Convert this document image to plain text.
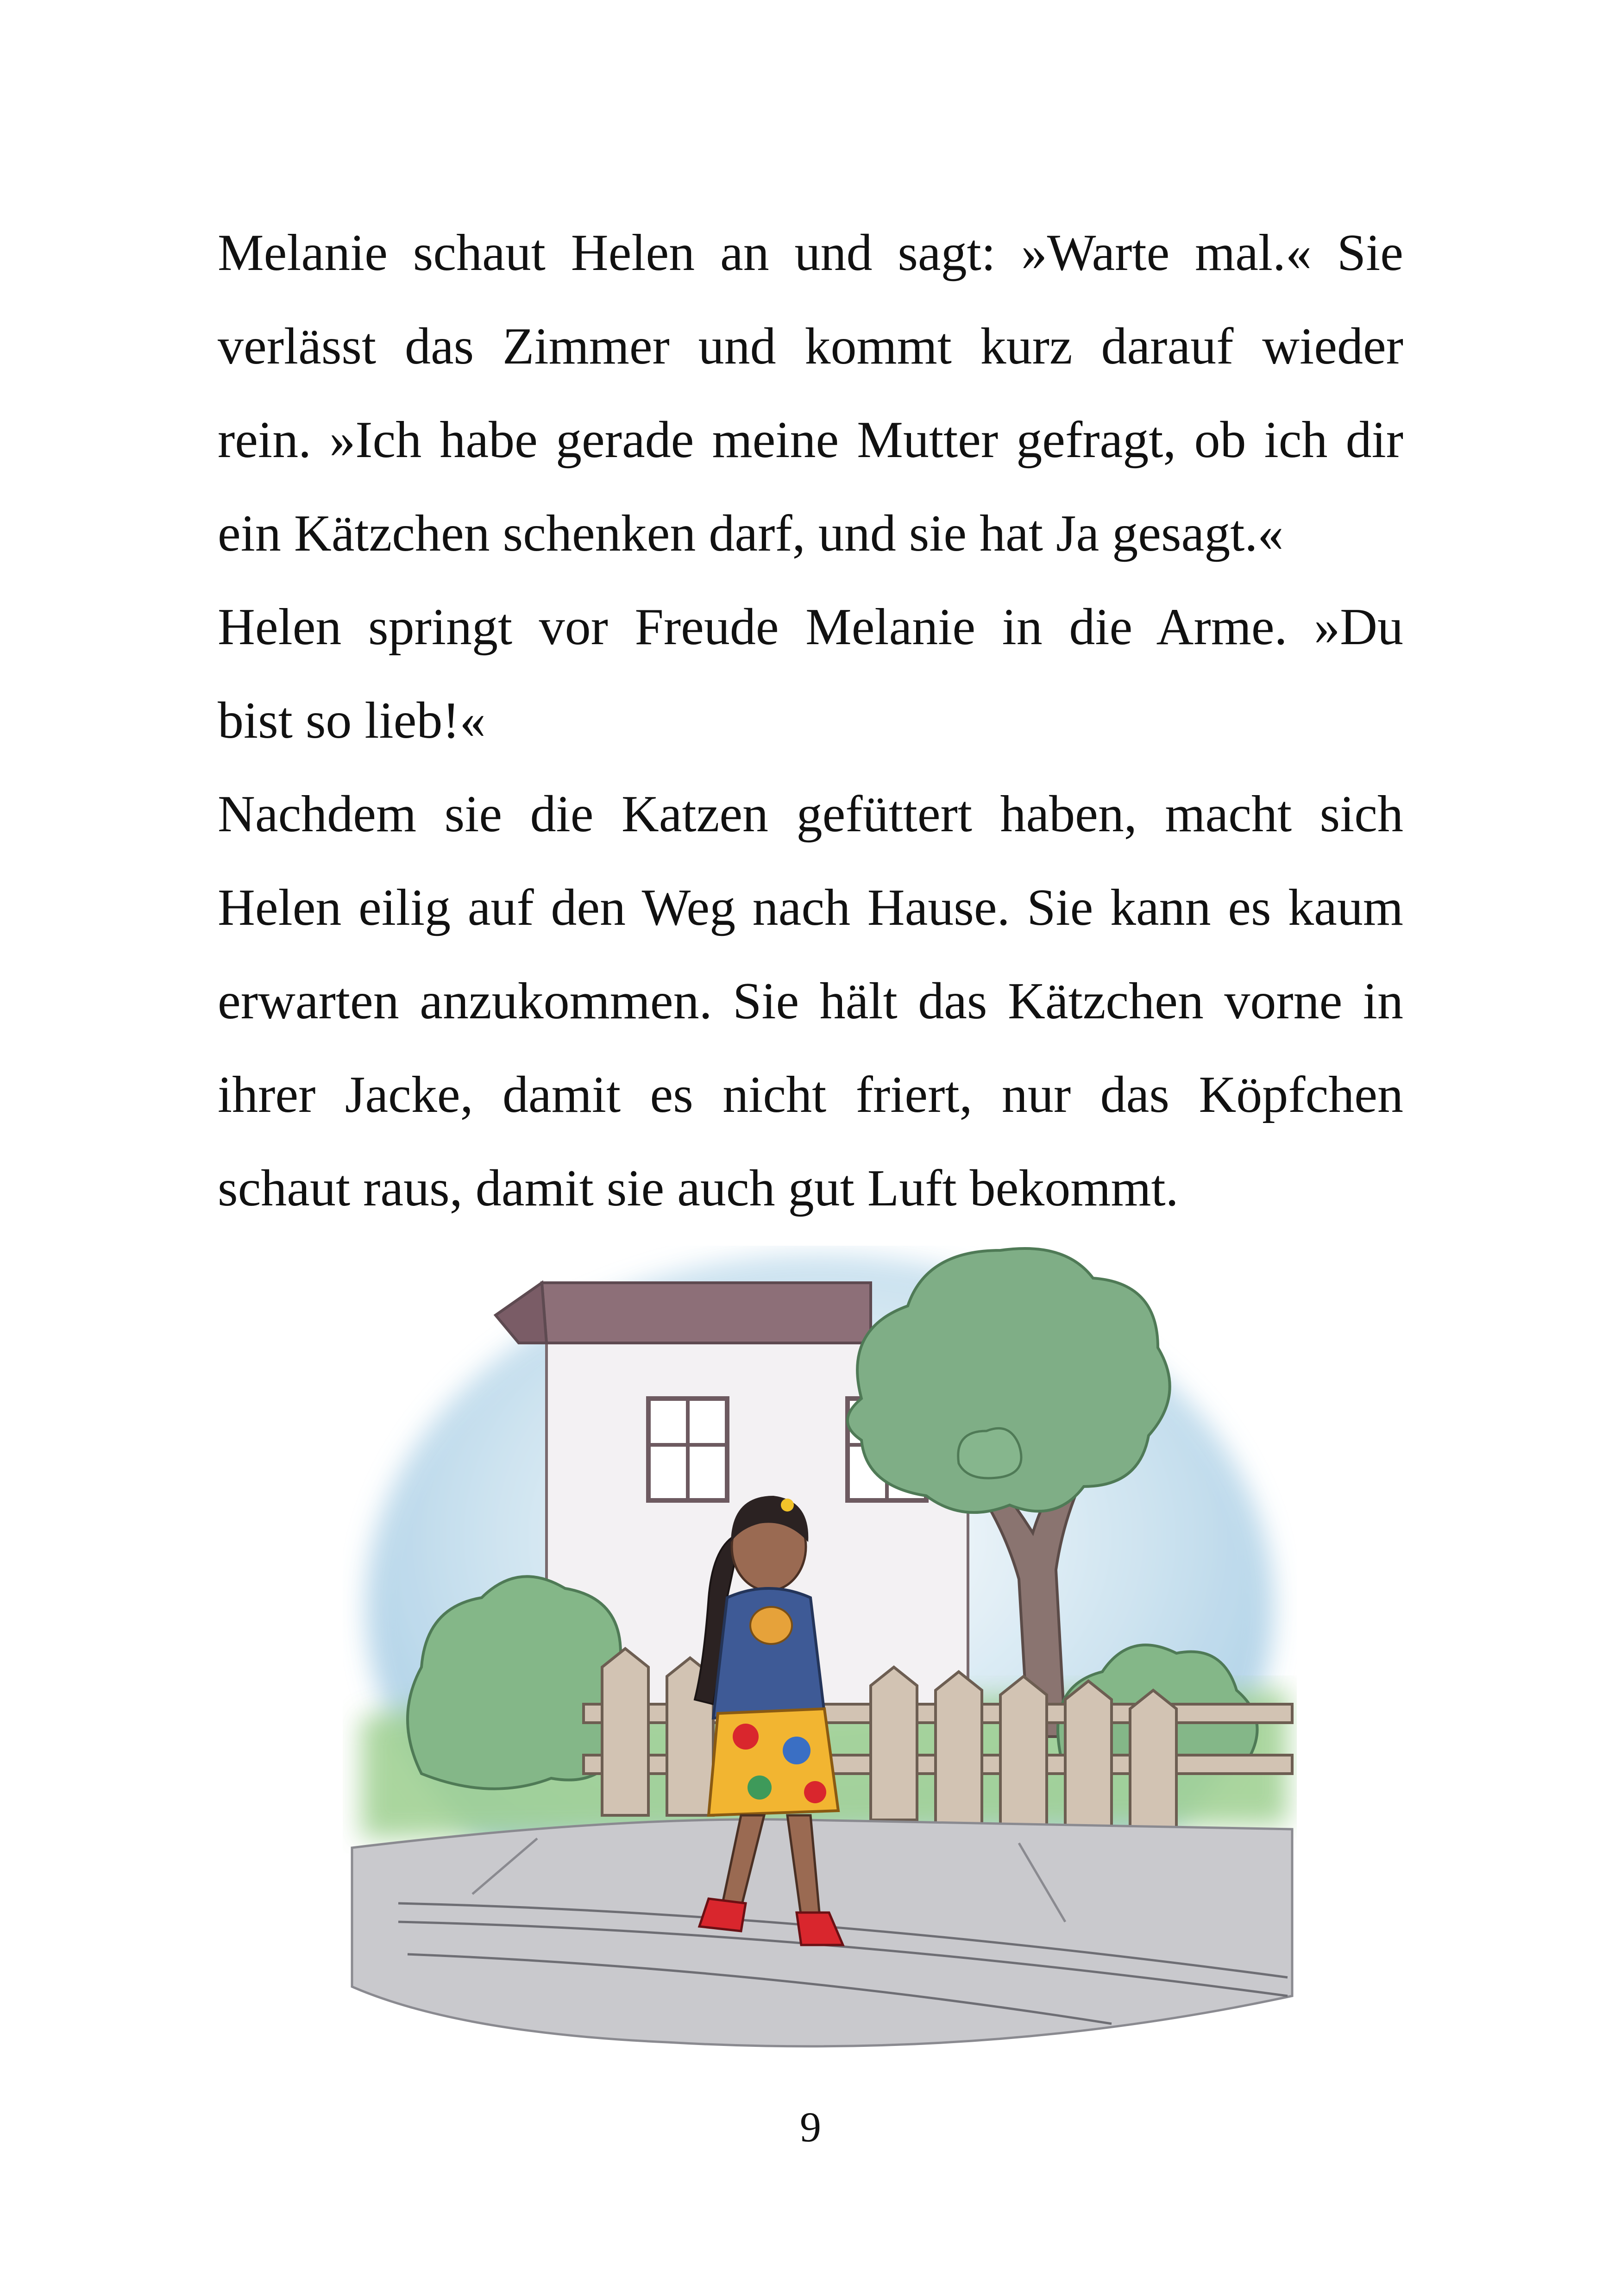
Melanie schaut Helen an und sagt: »Warte mal.« Sie
verlässt das Zimmer und kommt kurz darauf wieder
rein. »Ich habe gerade meine Mutter gefragt, ob ich dir
ein Kätzchen schenken darf, und sie hat Ja gesagt.«
Helen springt vor Freude Melanie in die Arme. »Du
bist so lieb!«
Nachdem sie die Katzen gefüttert haben, macht sich
Helen eilig auf den Weg nach Hause. Sie kann es kaum
erwarten anzukommen. Sie hält das Kätzchen vorne in
ihrer Jacke, damit es nicht friert, nur das Köpfchen
schaut raus, damit sie auch gut Luft bekommt.
9
